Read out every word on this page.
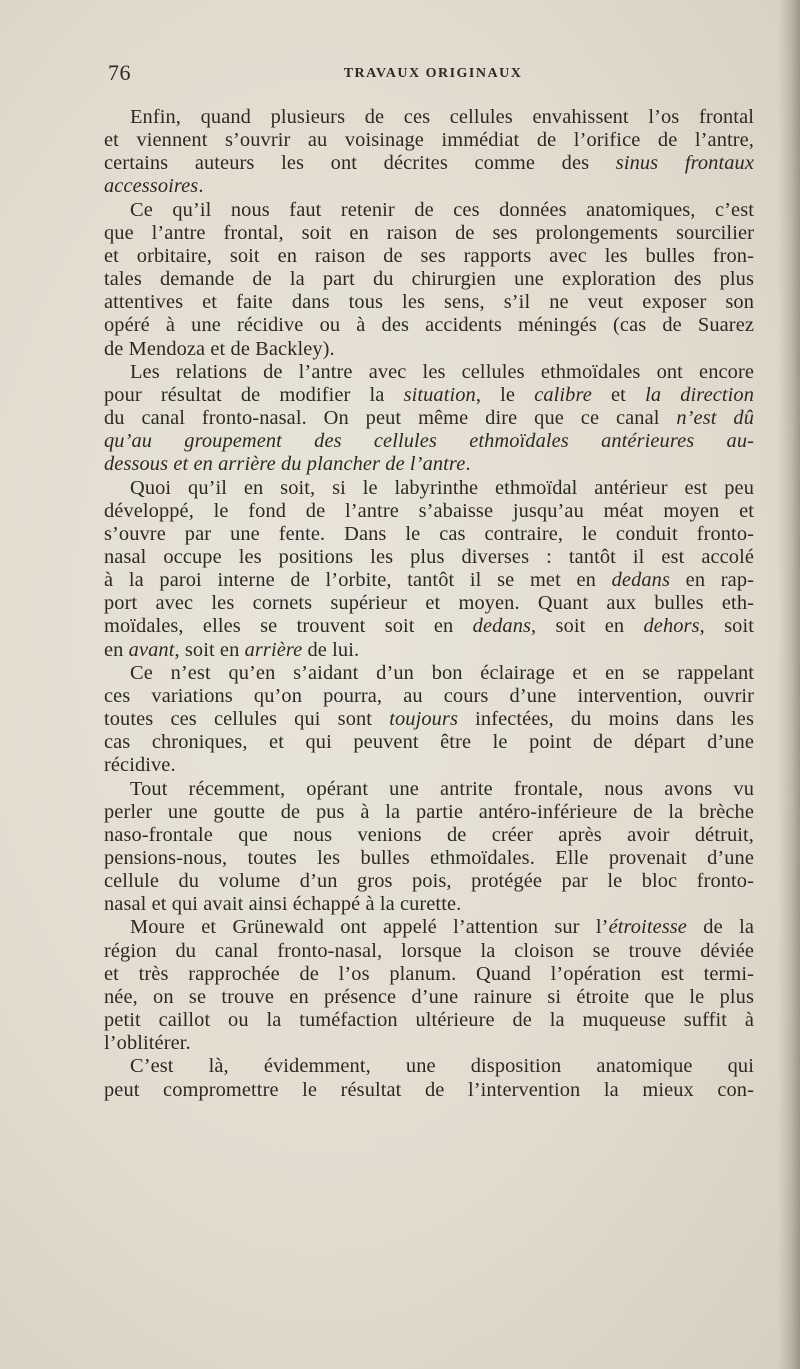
76	TRAVAUX ORIGINAUX
Enfin, quand plusieurs de ces cellules envahissent l’os frontal
et viennent s’ouvrir au voisinage immédiat de l’orifice de l’antre,
certains auteurs les ont décrites comme des sinus frontaux
accessoires.
Ce qu’il nous faut retenir de ces données anatomiques, c’est
que l’antre frontal, soit en raison de ses prolongements sourcilier
et orbitaire, soit en raison de ses rapports avec les bulles fron-
tales demande de la part du chirurgien une exploration des plus
attentives et faite dans tous les sens, s’il ne veut exposer son
opéré à une récidive ou à des accidents méningés (cas de Suarez
de Mendoza et de Backley).
Les relations de l’antre avec les cellules ethmoïdales ont encore
pour résultat de modifier la situation, le calibre et la direction
du canal fronto-nasal. On peut même dire que ce canal n’est dû
qu’au groupement des cellules ethmoïdales antérieures au-
dessous et en arrière du plancher de l’antre.
Quoi qu’il en soit, si le labyrinthe ethmoïdal antérieur est peu
développé, le fond de l’antre s’abaisse jusqu’au méat moyen et
s’ouvre par une fente. Dans le cas contraire, le conduit fronto-
nasal occupe les positions les plus diverses : tantôt il est accolé
à la paroi interne de l’orbite, tantôt il se met en dedans en rap-
port avec les cornets supérieur et moyen. Quant aux bulles eth-
moïdales, elles se trouvent soit en dedans, soit en dehors, soit
en avant, soit en arrière de lui.
Ce n’est qu’en s’aidant d’un bon éclairage et en se rappelant
ces variations qu’on pourra, au cours d’une intervention, ouvrir
toutes ces cellules qui sont toujours infectées, du moins dans les
cas chroniques, et qui peuvent être le point de départ d’une
récidive.
Tout récemment, opérant une antrite frontale, nous avons vu
perler une goutte de pus à la partie antéro-inférieure de la brèche
naso-frontale que nous venions de créer après avoir détruit,
pensions-nous, toutes les bulles ethmoïdales. Elle provenait d’une
cellule du volume d’un gros pois, protégée par le bloc fronto-
nasal et qui avait ainsi échappé à la curette.
Moure et Grünewald ont appelé l’attention sur l’étroitesse de la
région du canal fronto-nasal, lorsque la cloison se trouve déviée
et très rapprochée de l’os planum. Quand l’opération est termi-
née, on se trouve en présence d’une rainure si étroite que le plus
petit caillot ou la tuméfaction ultérieure de la muqueuse suffit à
l’oblitérer.
C’est là, évidemment, une disposition anatomique qui
peut compromettre le résultat de l’intervention la mieux con-
